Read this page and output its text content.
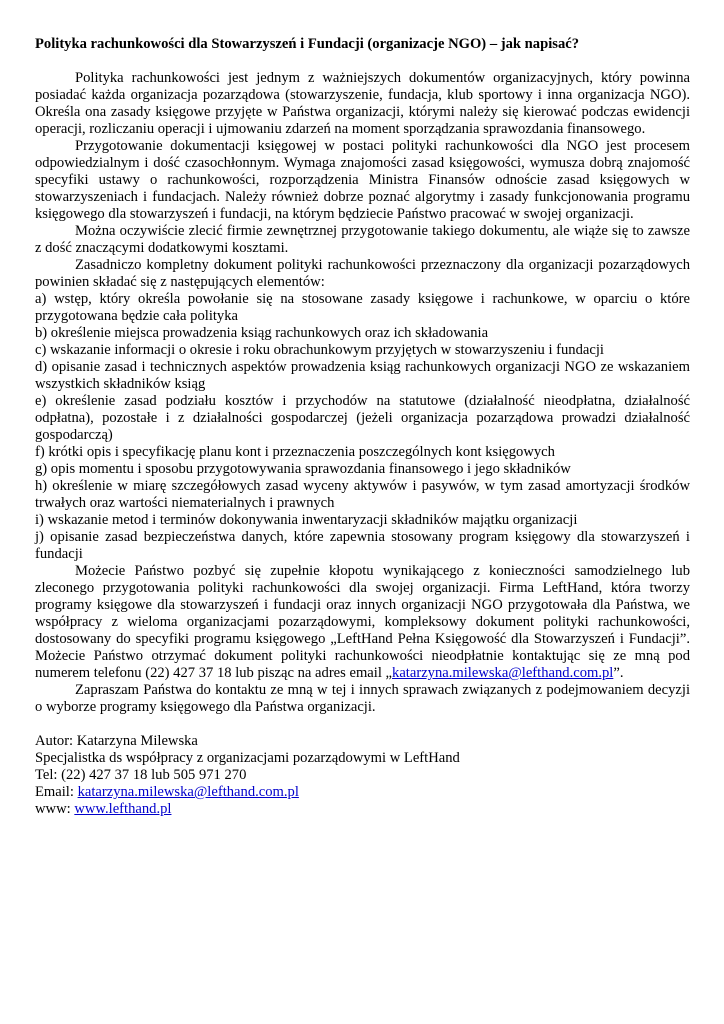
Polityka rachunkowości dla Stowarzyszeń i Fundacji (organizacje NGO) – jak napisać?

Polityka rachunkowości jest jednym z ważniejszych dokumentów organizacyjnych, który powinna posiadać każda organizacja pozarządowa (stowarzyszenie, fundacja, klub sportowy i inna organizacja NGO). Określa ona zasady księgowe przyjęte w Państwa organizacji, którymi należy się kierować podczas ewidencji operacji, rozliczaniu operacji i ujmowaniu zdarzeń na moment sporządzania sprawozdania finansowego.

Przygotowanie dokumentacji księgowej w postaci polityki rachunkowości dla NGO jest procesem odpowiedzialnym i dość czasochłonnym. Wymaga znajomości zasad księgowości, wymusza dobrą znajomość specyfiki ustawy o rachunkowości, rozporządzenia Ministra Finansów odnoście zasad księgowych w stowarzyszeniach i fundacjach. Należy również dobrze poznać algorytmy i zasady funkcjonowania programu księgowego dla stowarzyszeń i fundacji, na którym będziecie Państwo pracować w swojej organizacji.

Można oczywiście zlecić firmie zewnętrznej przygotowanie takiego dokumentu, ale wiąże się to zawsze z dość znaczącymi dodatkowymi kosztami.

Zasadniczo kompletny dokument polityki rachunkowości przeznaczony dla organizacji pozarządowych powinien składać się z następujących elementów:

a) wstęp, który określa powołanie się na stosowane zasady księgowe i rachunkowe, w oparciu o które przygotowana będzie cała polityka

b) określenie miejsca prowadzenia ksiąg rachunkowych oraz ich składowania

c) wskazanie informacji o okresie i roku obrachunkowym przyjętych w stowarzyszeniu i fundacji

d) opisanie zasad i technicznych aspektów prowadzenia ksiąg rachunkowych organizacji NGO ze wskazaniem wszystkich składników ksiąg

e) określenie zasad podziału kosztów i przychodów na statutowe (działalność nieodpłatna, działalność odpłatna), pozostałe i z działalności gospodarczej (jeżeli organizacja pozarządowa prowadzi działalność gospodarczą)

f) krótki opis i specyfikację planu kont i przeznaczenia poszczególnych kont księgowych

g) opis momentu i sposobu przygotowywania sprawozdania finansowego i jego składników

h) określenie w miarę szczegółowych zasad wyceny aktywów i pasywów, w tym zasad amortyzacji środków trwałych oraz wartości niematerialnych i prawnych

i) wskazanie metod i terminów dokonywania inwentaryzacji składników majątku organizacji

j) opisanie zasad bezpieczeństwa danych, które zapewnia stosowany program księgowy dla stowarzyszeń i fundacji

Możecie Państwo pozbyć się zupełnie kłopotu wynikającego z konieczności samodzielnego lub zleconego przygotowania polityki rachunkowości dla swojej organizacji. Firma LeftHand, która tworzy programy księgowe dla stowarzyszeń i fundacji oraz innych organizacji NGO przygotowała dla Państwa, we współpracy z wieloma organizacjami pozarządowymi, kompleksowy dokument polityki rachunkowości, dostosowany do specyfiki programu księgowego „LeftHand Pełna Księgowość dla Stowarzyszeń i Fundacji”. Możecie Państwo otrzymać dokument polityki rachunkowości nieodpłatnie kontaktując się ze mną pod numerem telefonu (22) 427 37 18 lub pisząc na adres email „katarzyna.milewska@lefthand.com.pl”.

Zapraszam Państwa do kontaktu ze mną w tej i innych sprawach związanych z podejmowaniem decyzji o wyborze programy księgowego dla Państwa organizacji.

Autor: Katarzyna Milewska

Specjalistka ds współpracy z organizacjami pozarządowymi w LeftHand

Tel: (22) 427 37 18 lub 505 971 270

Email: katarzyna.milewska@lefthand.com.pl

www: www.lefthand.pl
